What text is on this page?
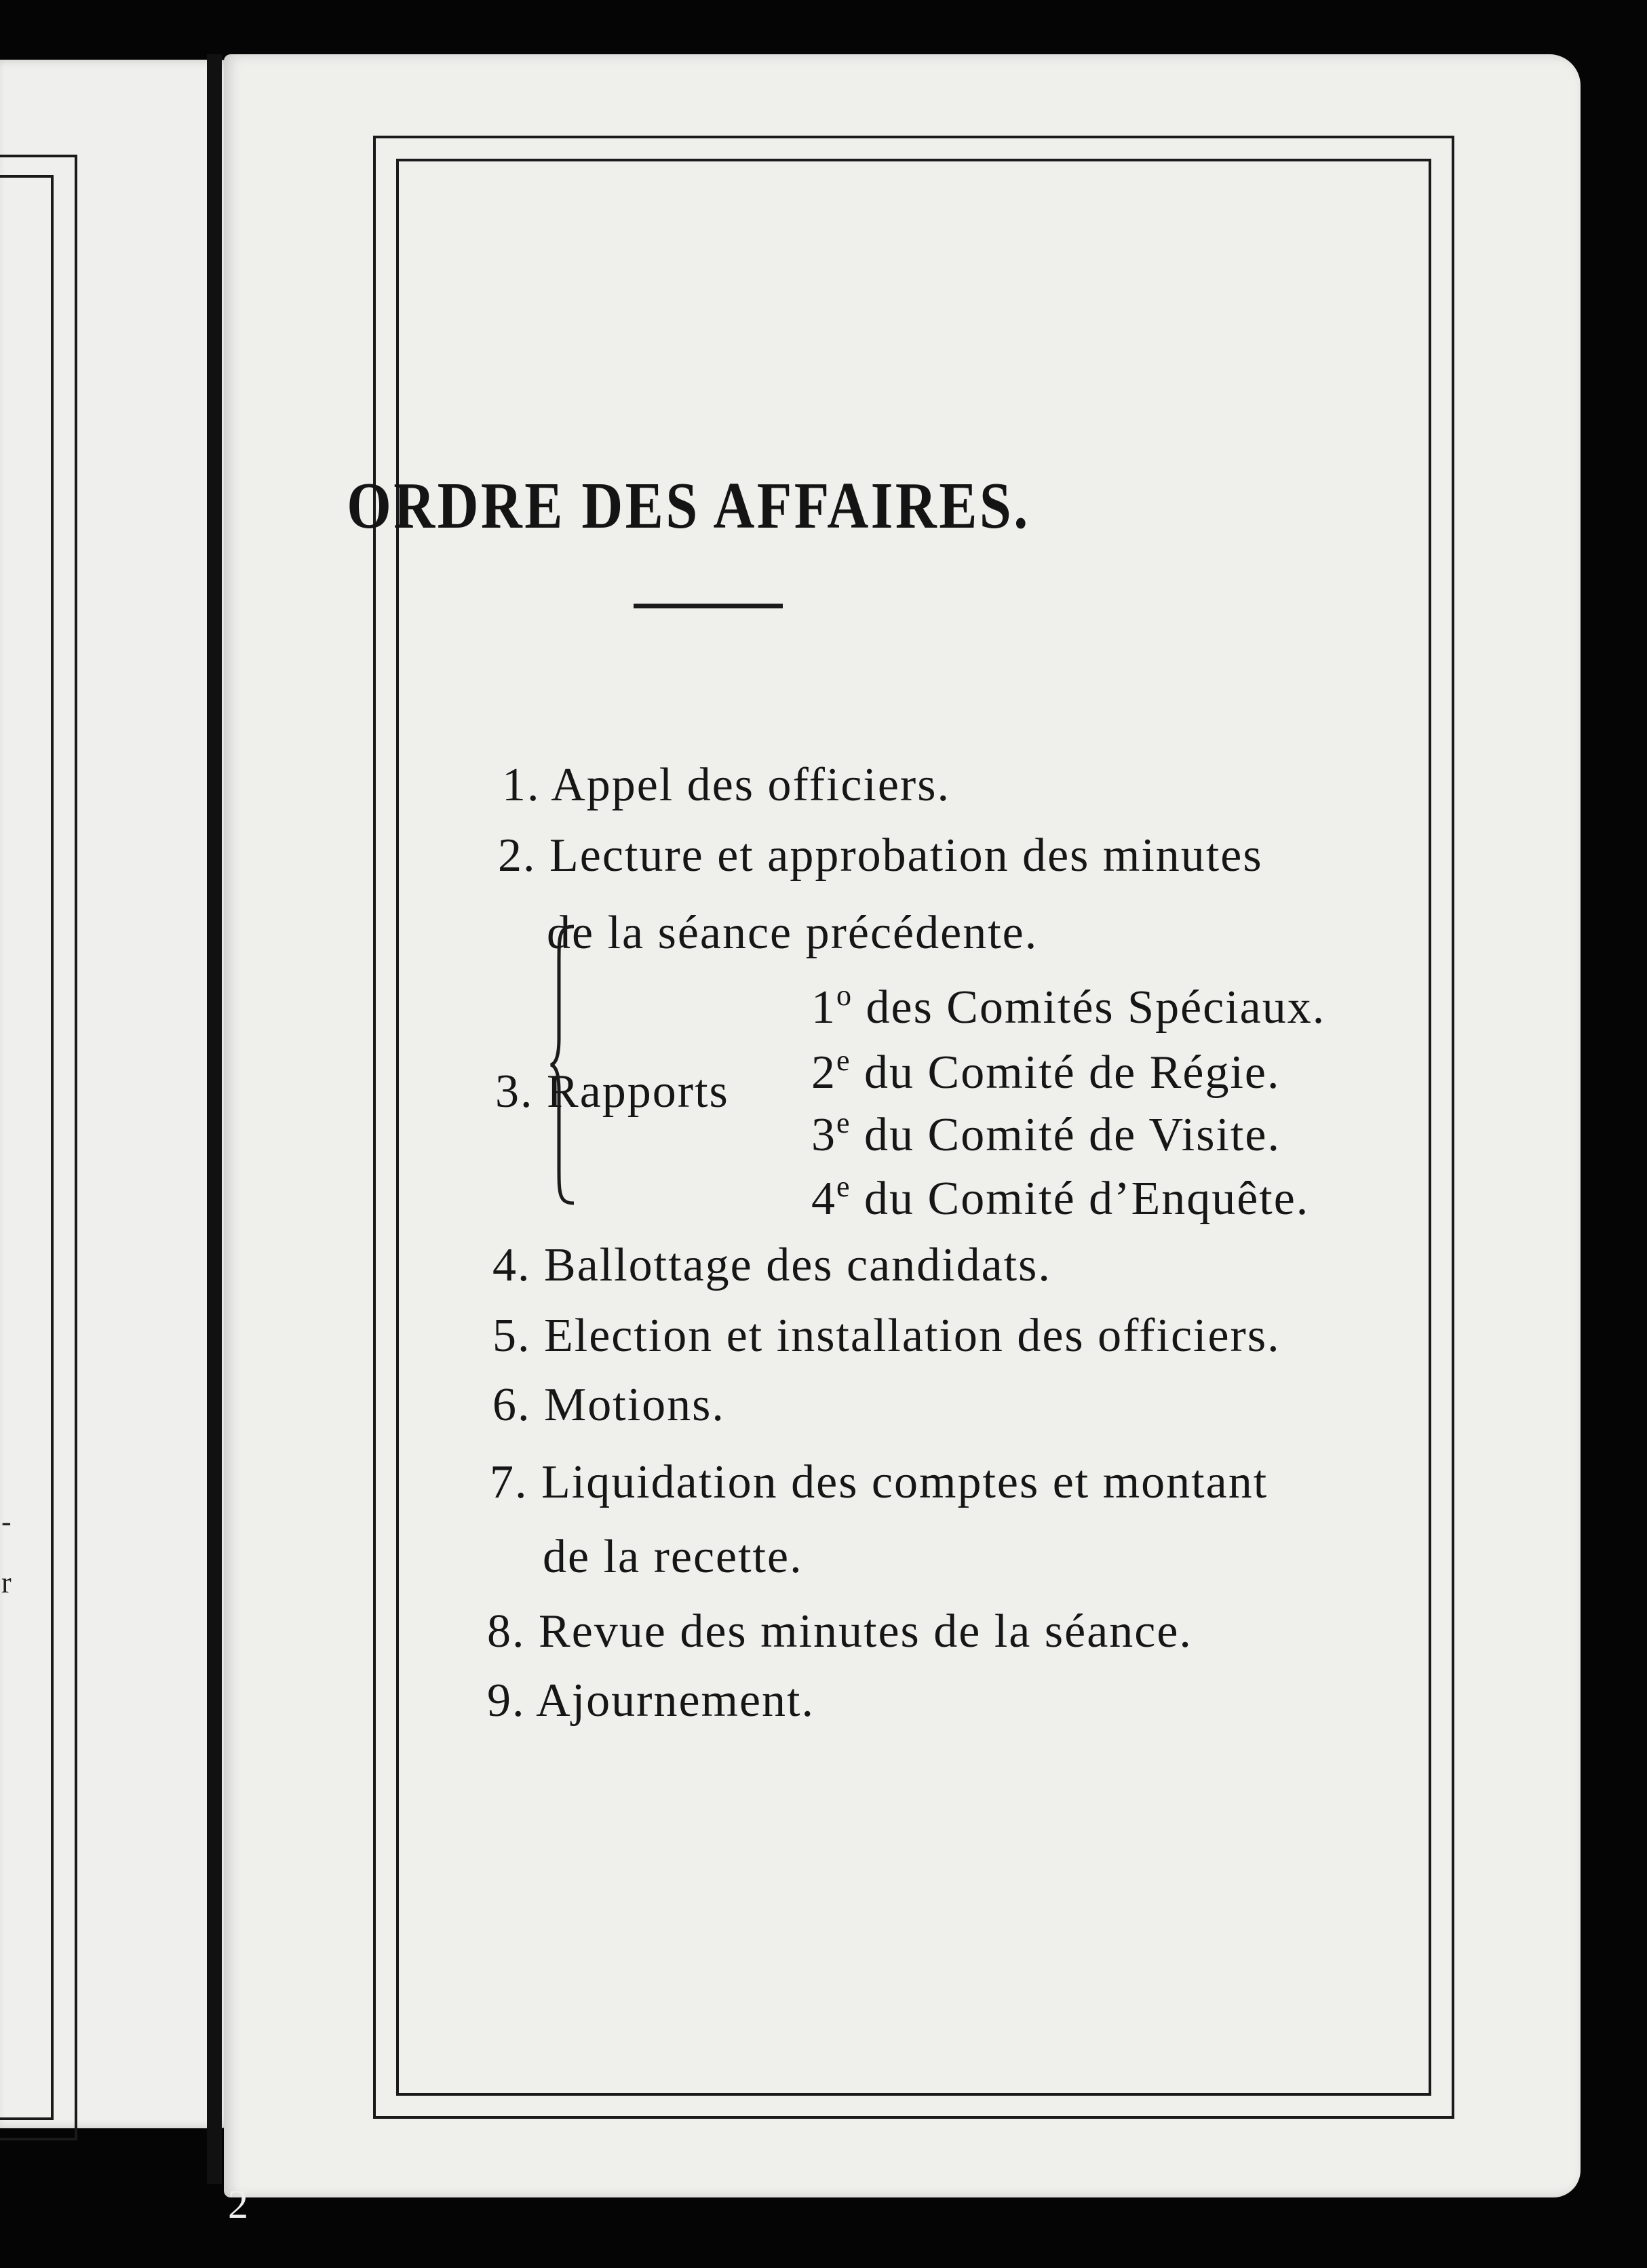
-
r
ORDRE DES AFFAIRES.

1. Appel des officiers.

2. Lecture et approbation des minutes

de la séance précédente.

3. Rapports

1$^o$ des Comités Spéciaux.

2e du Comité de Régie.

3e du Comité de Visite.

4e du Comité d’Enquête.

4. Ballottage des candidats.

5. Election et installation des officiers.

6. Motions.

7. Liquidation des comptes et montant

de la recette.

8. Revue des minutes de la séance.

9. Ajournement.

2
